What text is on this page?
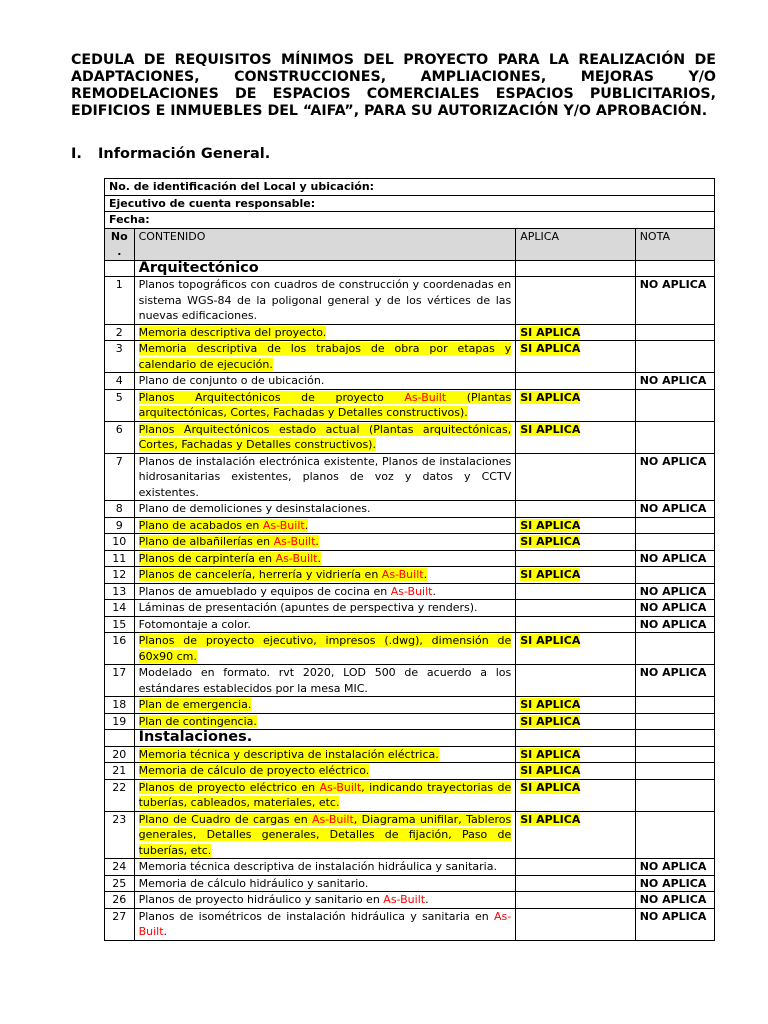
CEDULA DE REQUISITOS MÍNIMOS DEL PROYECTO PARA LA REALIZACIÓN DE
ADAPTACIONES, CONSTRUCCIONES, AMPLIACIONES, MEJORAS Y/O
REMODELACIONES DE ESPACIOS COMERCIALES ESPACIOS PUBLICITARIOS,
EDIFICIOS E INMUEBLES DEL “AIFA”, PARA SU AUTORIZACIÓN Y/O APROBACIÓN.
I. Información General.
No. de identificación del Local y ubicación:			
Ejecutivo de cuenta responsable:			
Fecha:			
No .	CONTENIDO	APLICA	NOTA
	Arquitectónico		
1	Planos topográficos con cuadros de construcción y coordenadas en sistema WGS-84 de la poligonal general y de los vértices de las nuevas edificaciones.		NO APLICA
2	Memoria descriptiva del proyecto.	SI APLICA	
3	Memoria descriptiva de los trabajos de obra por etapas y calendario de ejecución.	SI APLICA	
4	Plano de conjunto o de ubicación.		NO APLICA
5	Planos Arquitectónicos de proyecto As-Built (Plantas arquitectónicas, Cortes, Fachadas y Detalles constructivos).	SI APLICA	
6	Planos Arquitectónicos estado actual (Plantas arquitectónicas, Cortes, Fachadas y Detalles constructivos).	SI APLICA	
7	Planos de instalación electrónica existente, Planos de instalaciones hidrosanitarias existentes, planos de voz y datos y CCTV existentes.		NO APLICA
8	Plano de demoliciones y desinstalaciones.		NO APLICA
9	Plano de acabados en As-Built.	SI APLICA	
10	Plano de albañilerías en As-Built.	SI APLICA	
11	Planos de carpintería en As-Built.		NO APLICA
12	Planos de cancelería, herrería y vidriería en As-Built.	SI APLICA	
13	Planos de amueblado y equipos de cocina en As-Built.		NO APLICA
14	Láminas de presentación (apuntes de perspectiva y renders).		NO APLICA
15	Fotomontaje a color.		NO APLICA
16	Planos de proyecto ejecutivo, impresos (.dwg), dimensión de 60x90 cm.	SI APLICA	
17	Modelado en formato. rvt 2020, LOD 500 de acuerdo a los estándares establecidos por la mesa MIC.		NO APLICA
18	Plan de emergencia.	SI APLICA	
19	Plan de contingencia.	SI APLICA	
	Instalaciones.		
20	Memoria técnica y descriptiva de instalación eléctrica.	SI APLICA	
21	Memoria de cálculo de proyecto eléctrico.	SI APLICA	
22	Planos de proyecto eléctrico en As-Built, indicando trayectorias de tuberías, cableados, materiales, etc.	SI APLICA	
23	Plano de Cuadro de cargas en As-Built, Diagrama unifilar, Tableros generales, Detalles generales, Detalles de fijación, Paso de tuberías, etc.	SI APLICA	
24	Memoria técnica descriptiva de instalación hidráulica y sanitaria.		NO APLICA
25	Memoria de cálculo hidráulico y sanitario.		NO APLICA
26	Planos de proyecto hidráulico y sanitario en As-Built.		NO APLICA
27	Planos de isométricos de instalación hidráulica y sanitaria en As-Built.		NO APLICA
